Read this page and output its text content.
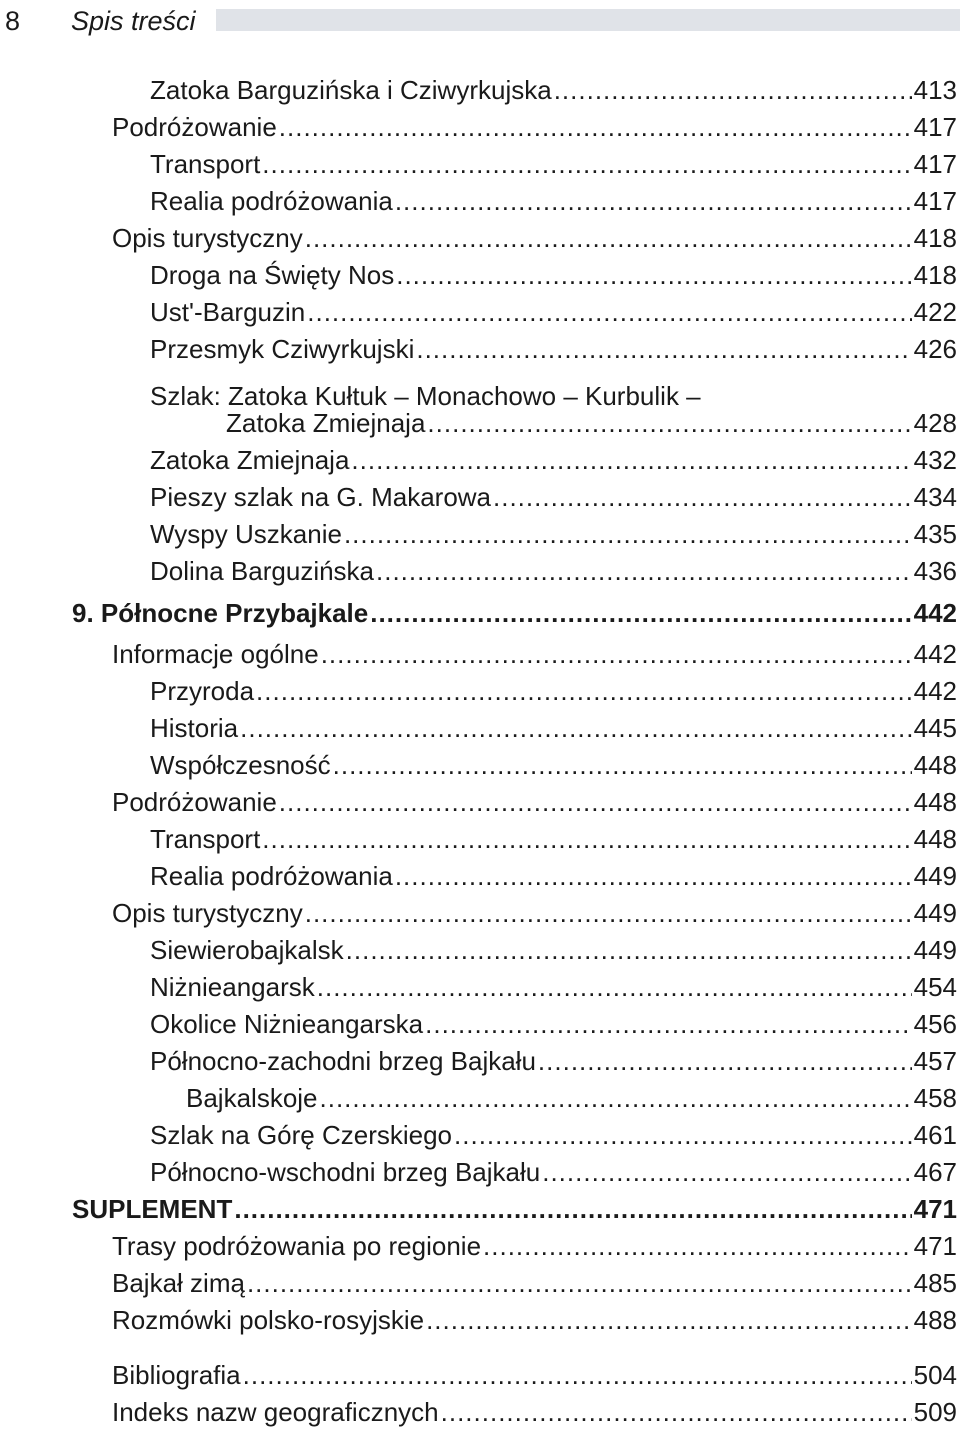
8 Spis treści
Zatoka Barguzińska i Cziwyrkujska .....	413
Podróżowanie .....	417
Transport .....	417
Realia podróżowania .....	417
Opis turystyczny .....	418
Droga na Święty Nos .....	418
Ust'-Barguzin .....	422
Przesmyk Cziwyrkujski .....	426
Szlak: Zatoka Kułtuk – Monachowo – Kurbulik –
Zatoka Zmiejnaja .....	428
Zatoka Zmiejnaja .....	432
Pieszy szlak na G. Makarowa .....	434
Wyspy Uszkanie .....	435
Dolina Barguzińska .....	436
9. Północne Przybajkale .....	442
Informacje ogólne .....	442
Przyroda .....	442
Historia .....	445
Współczesność .....	448
Podróżowanie .....	448
Transport .....	448
Realia podróżowania .....	449
Opis turystyczny .....	449
Siewierobajkalsk .....	449
Niżnieangarsk .....	454
Okolice Niżnieangarska .....	456
Północno-zachodni brzeg Bajkału .....	457
Bajkalskoje .....	458
Szlak na Górę Czerskiego .....	461
Północno-wschodni brzeg Bajkału .....	467
SUPLEMENT .....	471
Trasy podróżowania po regionie .....	471
Bajkał zimą .....	485
Rozmówki polsko-rosyjskie .....	488
Bibliografia .....	504
Indeks nazw geograficznych .....	509
